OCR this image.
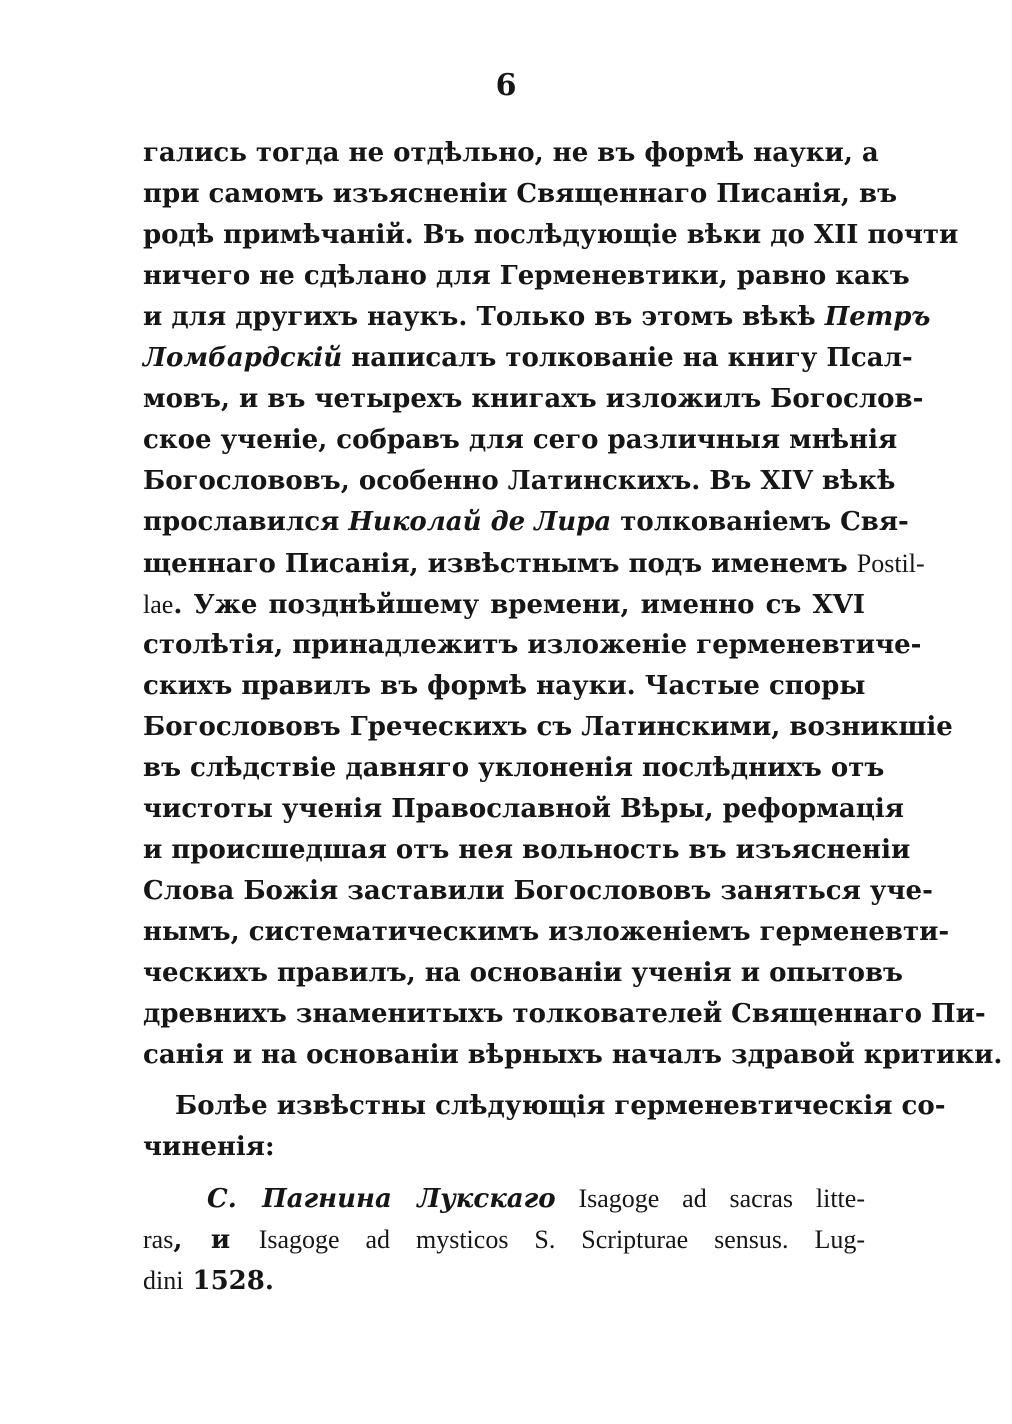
6
гались тогда не отдѣльно, не въ формѣ науки, а
при самомъ изъясненіи Священнаго Писанія, въ
родѣ примѣчаній. Въ послѣдующіе вѣки до XII почти
ничего не сдѣлано для Герменевтики, равно какъ
и для другихъ наукъ. Только въ этомъ вѣкѣ Петръ
Ломбардскій написалъ толкованіе на книгу Псал-
мовъ, и въ четырехъ книгахъ изложилъ Богослов-
ское ученіе, собравъ для сего различныя мнѣнія
Богослововъ, особенно Латинскихъ. Въ XIV вѣкѣ
прославился Николай де Лира толкованіемъ Свя-
щеннаго Писанія, извѣстнымъ подъ именемъ Postil-
lae. Уже позднѣйшему времени, именно съ XVI
столѣтія, принадлежитъ изложеніе герменевтиче-
скихъ правилъ въ формѣ науки. Частые споры
Богослововъ Греческихъ съ Латинскими, возникшіе
въ слѣдствіе давняго уклоненія послѣднихъ отъ
чистоты ученія Православной Вѣры, реформація
и происшедшая отъ нея вольность въ изъясненіи
Слова Божія заставили Богослововъ заняться уче-
нымъ, систематическимъ изложеніемъ герменевти-
ческихъ правилъ, на основаніи ученія и опытовъ
древнихъ знаменитыхъ толкователей Священнаго Пи-
санія и на основаніи вѣрныхъ началъ здравой критики.
Болѣе извѣстны слѣдующія герменевтическія со-
чиненія:
С. Пагнина Лукскаго Isagoge ad sacras litte-
ras, и Isagoge ad mysticos S. Scripturae sensus. Lug-
dini 1528.
